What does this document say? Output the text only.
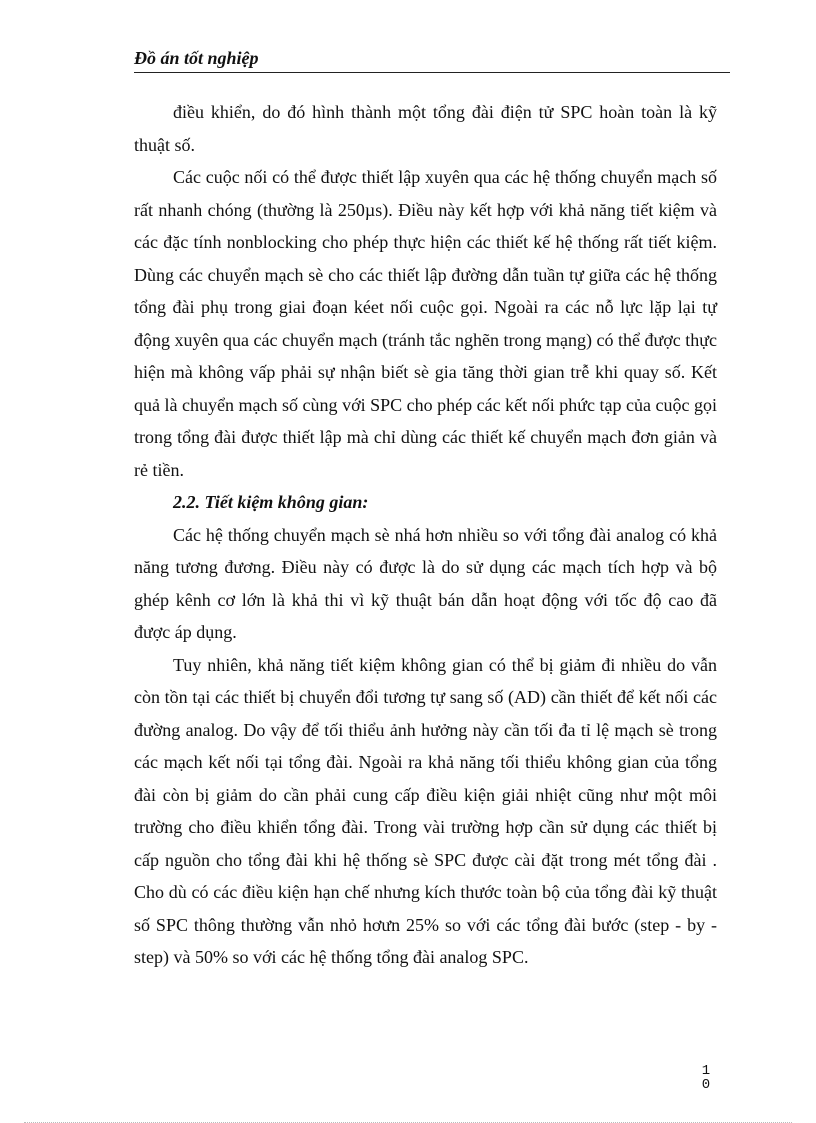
Đồ án tốt nghiệp

điều khiển, do đó hình thành một tổng đài điện tử SPC hoàn toàn là kỹ thuật số.

Các cuộc nối có thể được thiết lập xuyên qua các hệ thống chuyển mạch số rất nhanh chóng (thường là 250µs). Điều này kết hợp với khả năng tiết kiệm và các đặc tính nonblocking cho phép thực hiện các thiết kế hệ thống rất tiết kiệm. Dùng các chuyển mạch sè cho các thiết lập đường dẫn tuần tự giữa các hệ thống tổng đài phụ trong giai đoạn kéet nối cuộc gọi. Ngoài ra các nỗ lực lặp lại tự động xuyên qua các chuyển mạch (tránh tắc nghẽn trong mạng) có thể được thực hiện mà không vấp phải sự nhận biết sè gia tăng thời gian trễ khi quay số. Kết quả là chuyển mạch số cùng với SPC cho phép các kết nối phức tạp của cuộc gọi trong tổng đài được thiết lập mà chỉ dùng các thiết kế chuyển mạch đơn giản và rẻ tiền.

2.2. Tiết kiệm không gian:

Các hệ thống chuyển mạch sè nhá hơn nhiều so với tổng đài analog có khả năng tương đương. Điều này có được là do sử dụng các mạch tích hợp và bộ ghép kênh cơ lớn là khả thi vì kỹ thuật bán dẫn hoạt động với tốc độ cao đã được áp dụng.

Tuy nhiên, khả năng tiết kiệm không gian có thể bị giảm đi nhiều do vẫn còn tồn tại các thiết bị chuyển đổi tương tự sang số (AD) cần thiết để kết nối các đường analog. Do vậy để tối thiểu ảnh hưởng này cần tối đa tỉ lệ mạch sè trong các mạch kết nối tại tổng đài. Ngoài ra khả năng tối thiểu không gian của tổng đài còn bị giảm do cần phải cung cấp điều kiện giải nhiệt cũng như một môi trường cho điều khiển tổng đài. Trong vài trường hợp cần sử dụng các thiết bị cấp nguồn cho tổng đài khi hệ thống sè SPC được cài đặt trong mét tổng đài . Cho dù có các điều kiện hạn chế nhưng kích thước toàn bộ của tổng đài kỹ thuật số SPC thông thường vẫn nhỏ hơưn 25% so với các tổng đài bước (step - by - step) và 50% so với các hệ thống tổng đài analog SPC.

10
